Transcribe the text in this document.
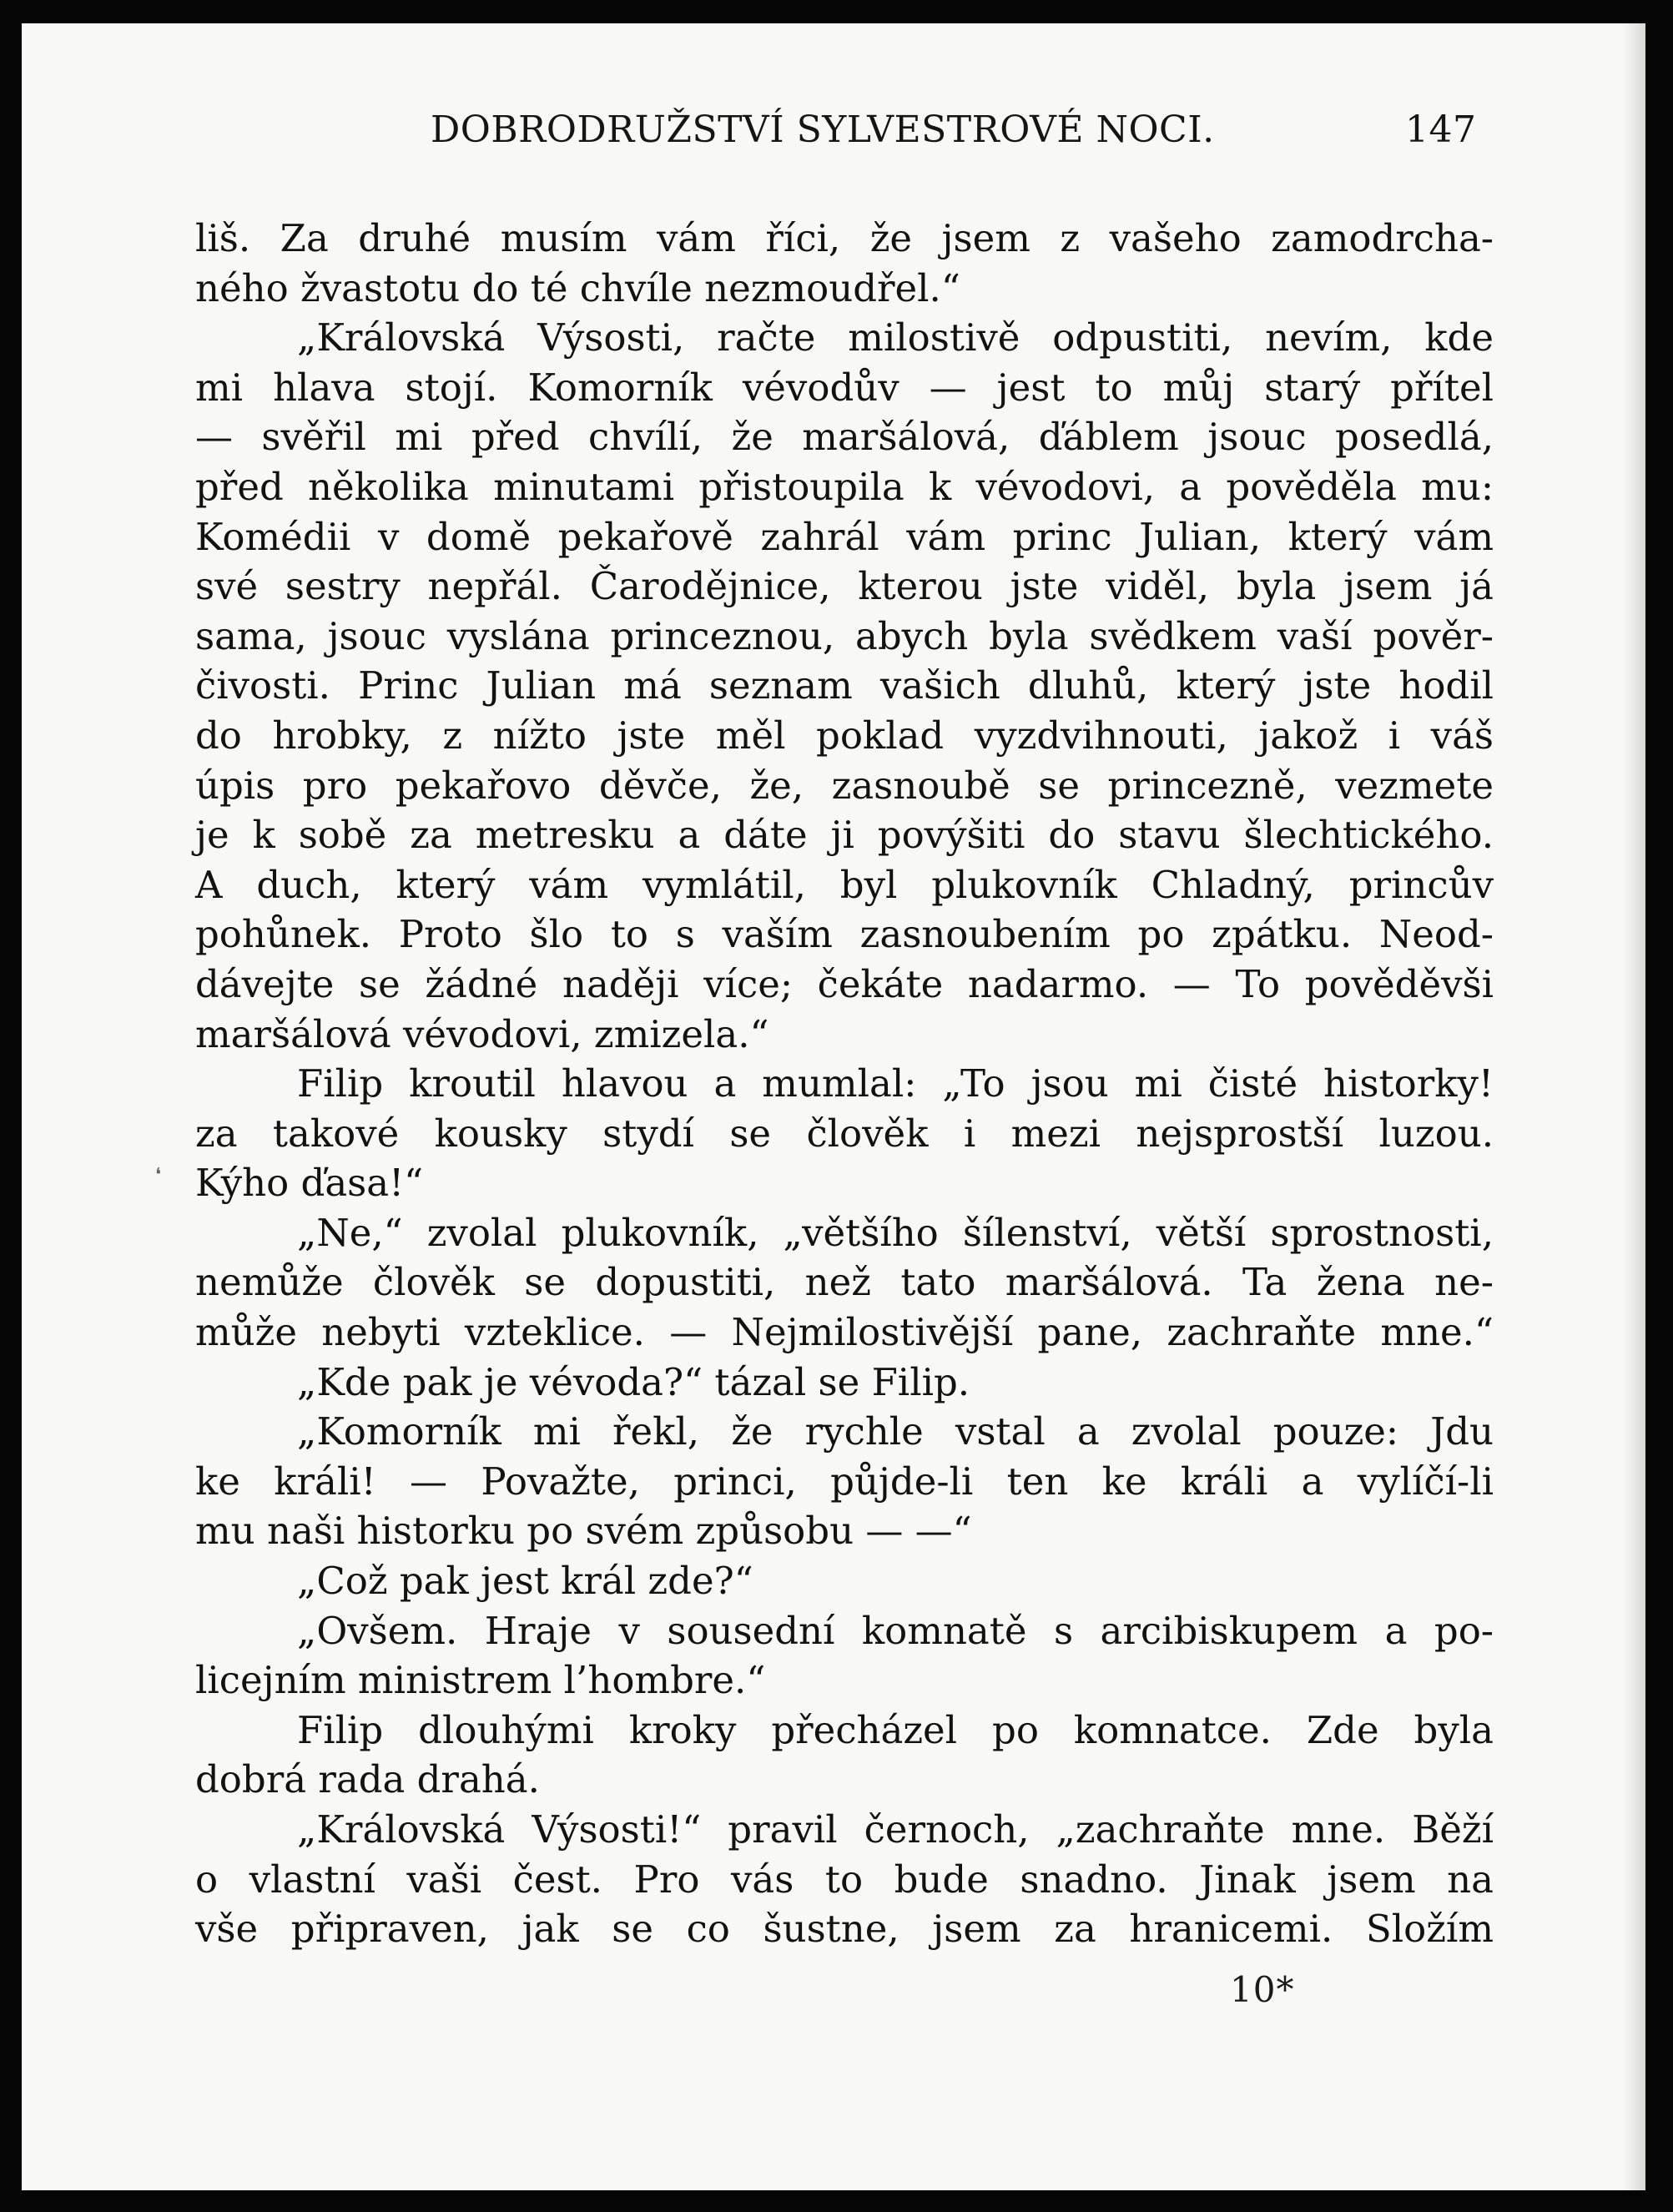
DOBRODRUŽSTVÍ SYLVESTROVÉ NOCI.	147
liš. Za druhé musím vám říci, že jsem z vašeho zamodrcha-
ného žvastotu do té chvíle nezmoudřel.“
„Královská Výsosti, račte milostivě odpustiti, nevím, kde
mi hlava stojí. Komorník vévodův — jest to můj starý přítel
— svěřil mi před chvílí, že maršálová, ďáblem jsouc posedlá,
před několika minutami přistoupila k vévodovi, a pověděla mu:
Komédii v domě pekařově zahrál vám princ Julian, který vám
své sestry nepřál. Čarodějnice, kterou jste viděl, byla jsem já
sama, jsouc vyslána princeznou, abych byla svědkem vaší pověr-
čivosti. Princ Julian má seznam vašich dluhů, který jste hodil
do hrobky, z nížto jste měl poklad vyzdvihnouti, jakož i váš
úpis pro pekařovo děvče, že, zasnoubě se princezně, vezmete
je k sobě za metresku a dáte ji povýšiti do stavu šlechtického.
A duch, který vám vymlátil, byl plukovník Chladný, princův
pohůnek. Proto šlo to s vaším zasnoubením po zpátku. Neod-
dávejte se žádné naději více; čekáte nadarmo. — To pověděvši
maršálová vévodovi, zmizela.“
Filip kroutil hlavou a mumlal: „To jsou mi čisté historky!
za takové kousky stydí se člověk i mezi nejsprostší luzou.
Kýho ďasa!“
„Ne,“ zvolal plukovník, „většího šílenství, větší sprostnosti,
nemůže člověk se dopustiti, než tato maršálová. Ta žena ne-
může nebyti vzteklice. — Nejmilostivější pane, zachraňte mne.“
„Kde pak je vévoda?“ tázal se Filip.
„Komorník mi řekl, že rychle vstal a zvolal pouze: Jdu
ke králi! — Považte, princi, půjde-li ten ke králi a vylíčí-li
mu naši historku po svém způsobu — —“
„Což pak jest král zde?“
„Ovšem. Hraje v sousední komnatě s arcibiskupem a po-
licejním ministrem l’hombre.“
Filip dlouhými kroky přecházel po komnatce. Zde byla
dobrá rada drahá.
„Královská Výsosti!“ pravil černoch, „zachraňte mne. Běží
o vlastní vaši čest. Pro vás to bude snadno. Jinak jsem na
vše připraven, jak se co šustne, jsem za hranicemi. Složím
10*
❛
